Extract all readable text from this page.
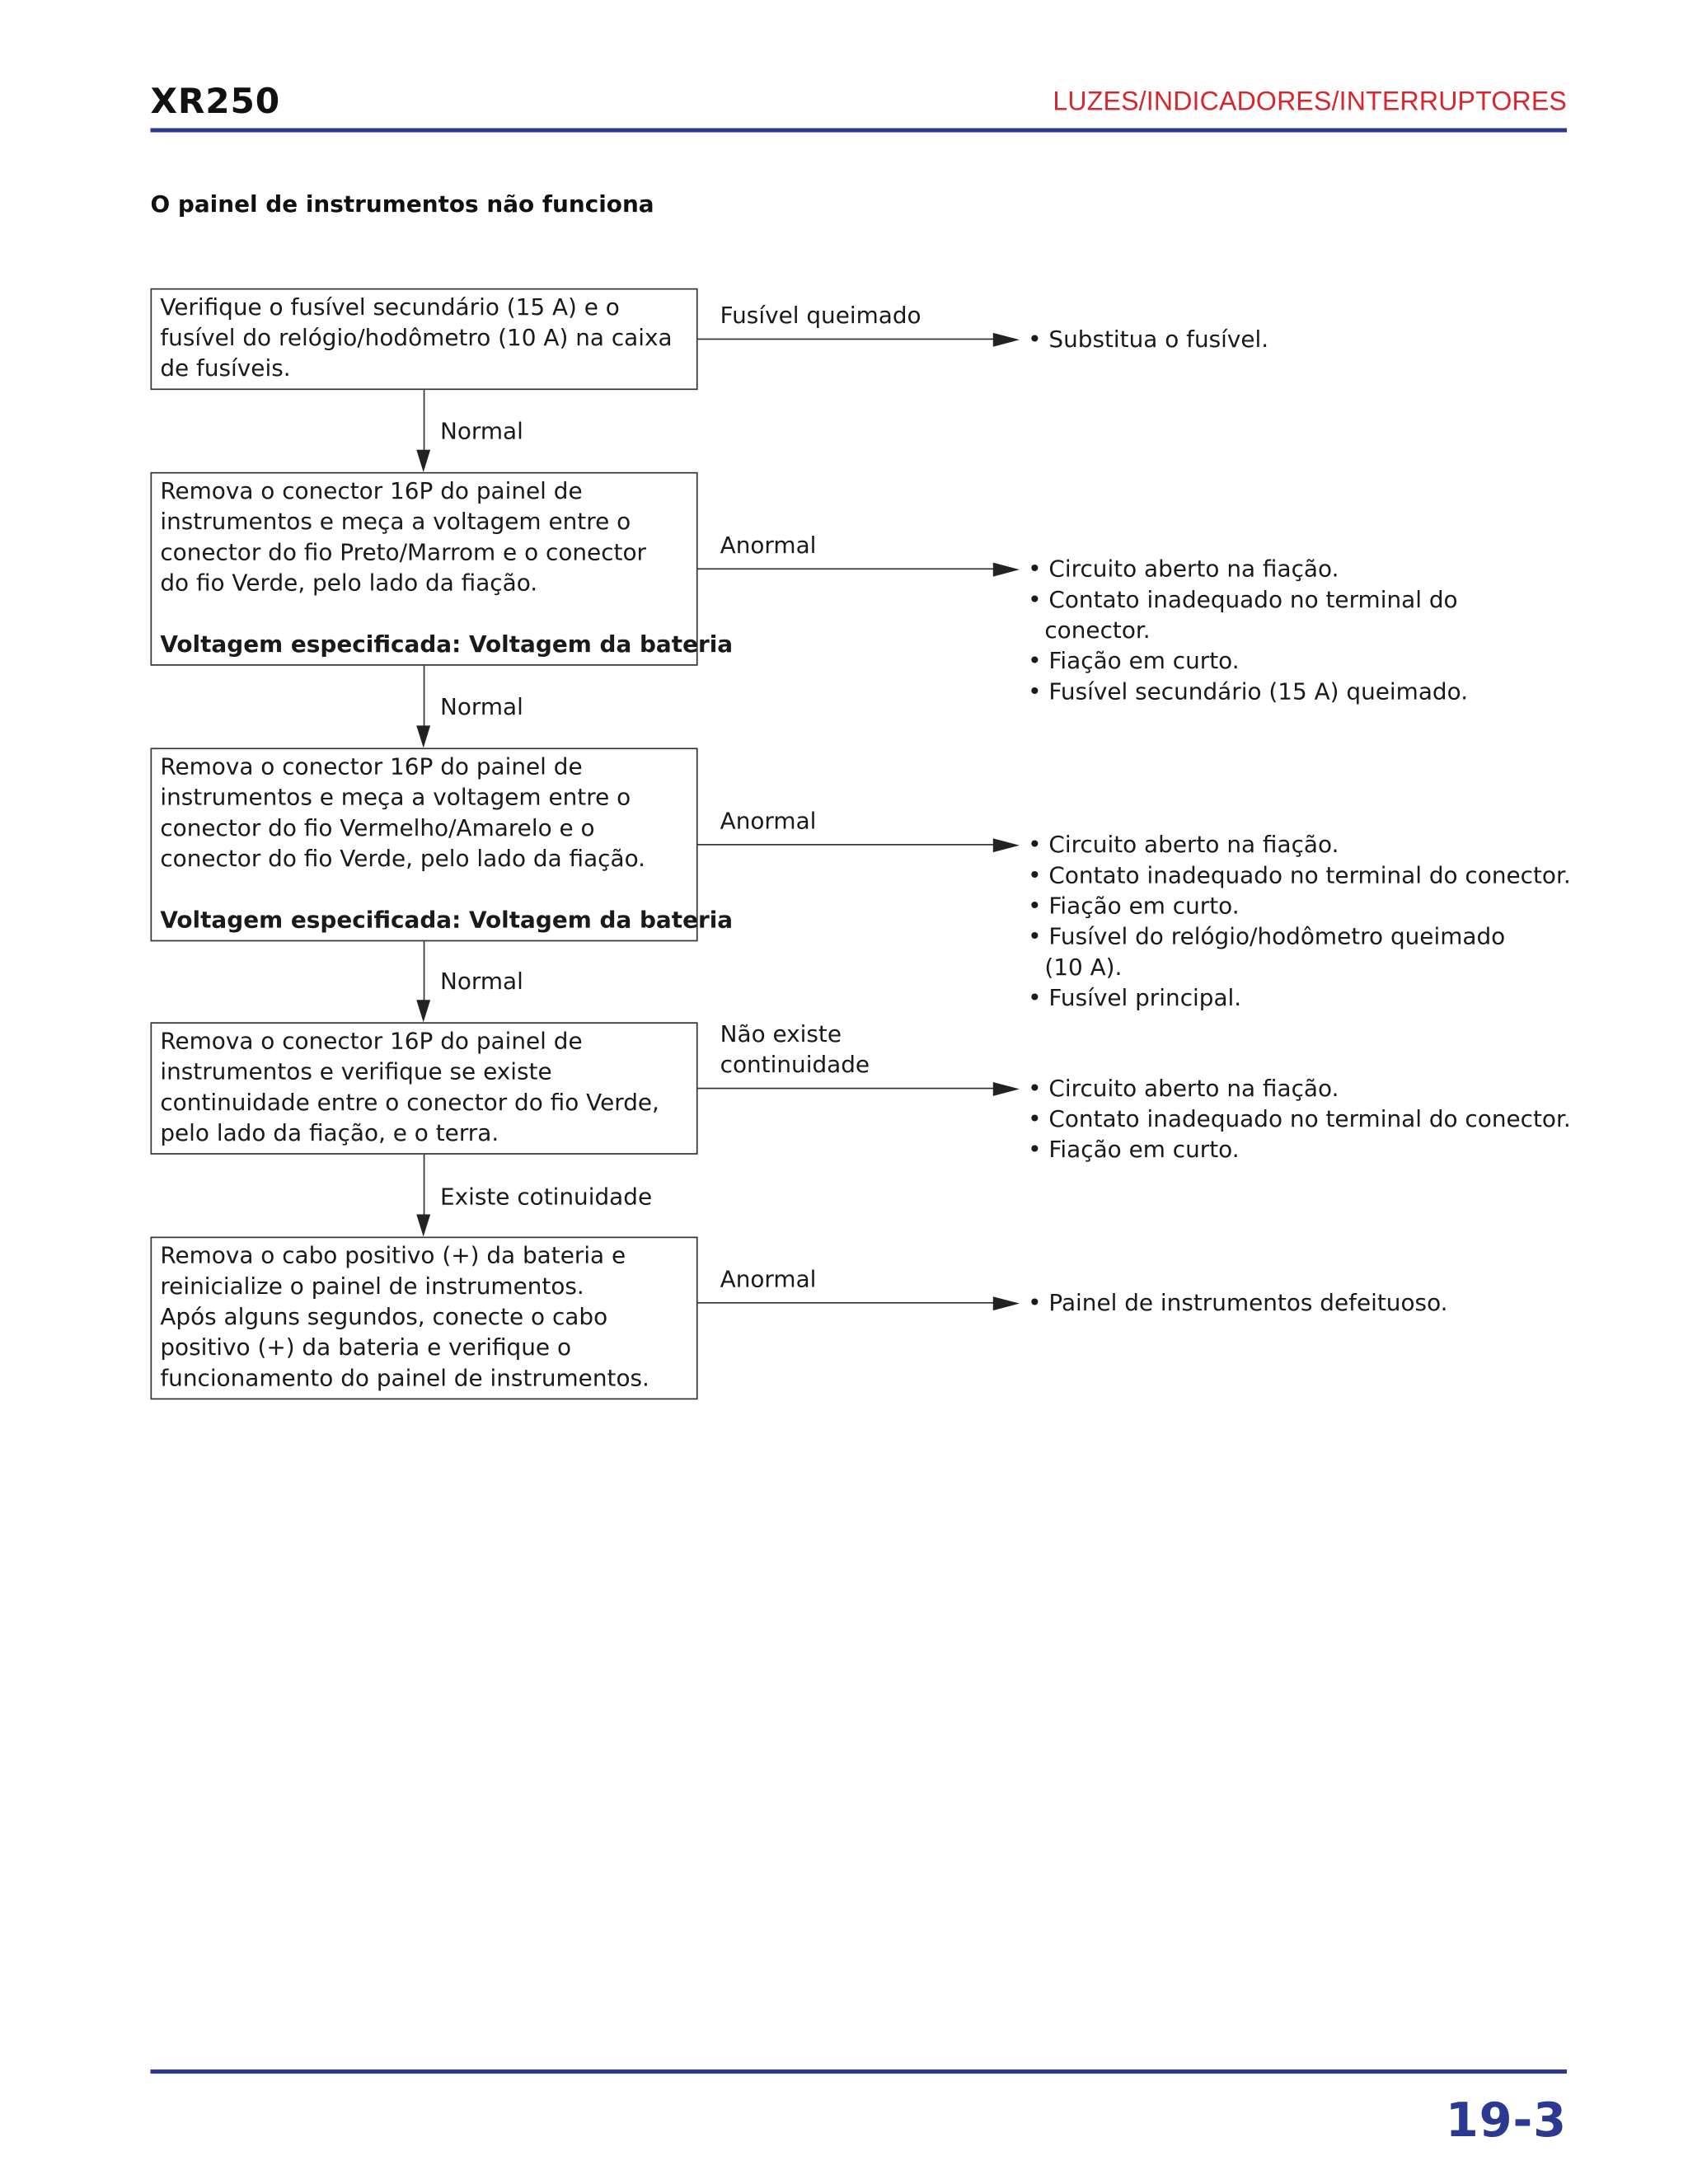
XR250	LUZES/INDICADORES/INTERRUPTORES
O painel de instrumentos não funciona
Verifique o fusível secundário (15 A) e o
fusível do relógio/hodômetro (10 A) na caixa
de fusíveis.
Fusível queimado
• Substitua o fusível.
Normal
Remova o conector 16P do painel de
instrumentos e meça a voltagem entre o
conector do fio Preto/Marrom e o conector
do fio Verde, pelo lado da fiação.
Voltagem especificada: Voltagem da bateria
Anormal
• Circuito aberto na fiação.
• Contato inadequado no terminal do
conector.
• Fiação em curto.
• Fusível secundário (15 A) queimado.
Normal
Remova o conector 16P do painel de
instrumentos e meça a voltagem entre o
conector do fio Vermelho/Amarelo e o
conector do fio Verde, pelo lado da fiação.
Voltagem especificada: Voltagem da bateria
Anormal
• Circuito aberto na fiação.
• Contato inadequado no terminal do conector.
• Fiação em curto.
• Fusível do relógio/hodômetro queimado
(10 A).
• Fusível principal.
Normal
Remova o conector 16P do painel de
instrumentos e verifique se existe
continuidade entre o conector do fio Verde,
pelo lado da fiação, e o terra.
Não existe
continuidade
• Circuito aberto na fiação.
• Contato inadequado no terminal do conector.
• Fiação em curto.
Existe cotinuidade
Remova o cabo positivo (+) da bateria e
reinicialize o painel de instrumentos.
Após alguns segundos, conecte o cabo
positivo (+) da bateria e verifique o
funcionamento do painel de instrumentos.
Anormal
• Painel de instrumentos defeituoso.
19-3
